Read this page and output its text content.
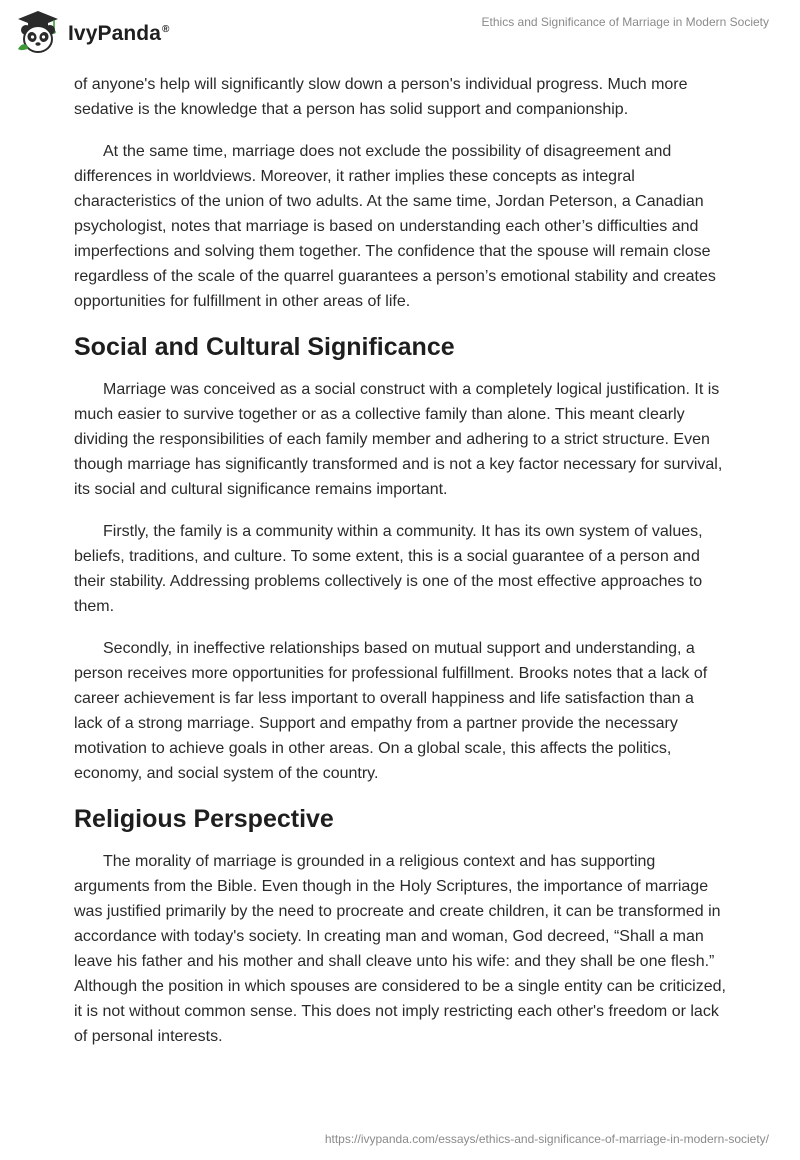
IvyPanda®
Ethics and Significance of Marriage in Modern Society

of anyone's help will significantly slow down a person's individual progress. Much more sedative is the knowledge that a person has solid support and companionship.

At the same time, marriage does not exclude the possibility of disagreement and differences in worldviews. Moreover, it rather implies these concepts as integral characteristics of the union of two adults. At the same time, Jordan Peterson, a Canadian psychologist, notes that marriage is based on understanding each other’s difficulties and imperfections and solving them together. The confidence that the spouse will remain close regardless of the scale of the quarrel guarantees a person’s emotional stability and creates opportunities for fulfillment in other areas of life.

Social and Cultural Significance

Marriage was conceived as a social construct with a completely logical justification. It is much easier to survive together or as a collective family than alone. This meant clearly dividing the responsibilities of each family member and adhering to a strict structure. Even though marriage has significantly transformed and is not a key factor necessary for survival, its social and cultural significance remains important.

Firstly, the family is a community within a community. It has its own system of values, beliefs, traditions, and culture. To some extent, this is a social guarantee of a person and their stability. Addressing problems collectively is one of the most effective approaches to them.

Secondly, in ineffective relationships based on mutual support and understanding, a person receives more opportunities for professional fulfillment. Brooks notes that a lack of career achievement is far less important to overall happiness and life satisfaction than a lack of a strong marriage. Support and empathy from a partner provide the necessary motivation to achieve goals in other areas. On a global scale, this affects the politics, economy, and social system of the country.

Religious Perspective

The morality of marriage is grounded in a religious context and has supporting arguments from the Bible. Even though in the Holy Scriptures, the importance of marriage was justified primarily by the need to procreate and create children, it can be transformed in accordance with today's society. In creating man and woman, God decreed, “Shall a man leave his father and his mother and shall cleave unto his wife: and they shall be one flesh.” Although the position in which spouses are considered to be a single entity can be criticized, it is not without common sense. This does not imply restricting each other's freedom or lack of personal interests.

https://ivypanda.com/essays/ethics-and-significance-of-marriage-in-modern-society/
